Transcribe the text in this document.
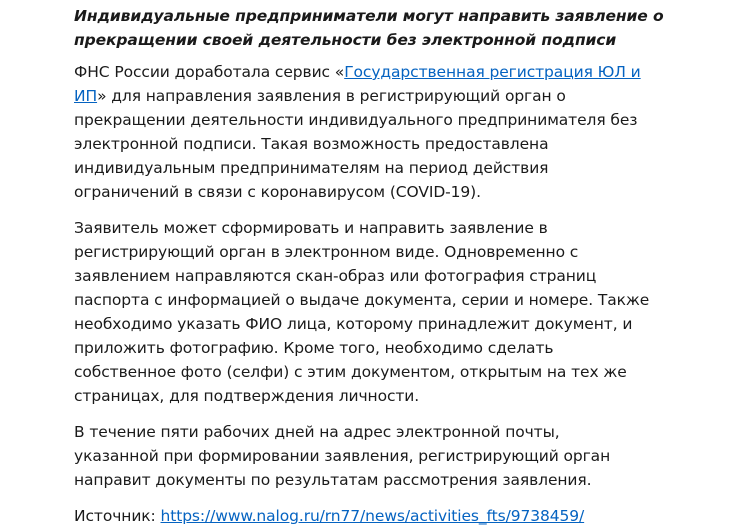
Индивидуальные предприниматели могут направить заявление о прекращении своей деятельности без электронной подписи
ФНС России доработала сервис «Государственная регистрация ЮЛ и ИП» для направления заявления в регистрирующий орган о прекращении деятельности индивидуального предпринимателя без электронной подписи. Такая возможность предоставлена индивидуальным предпринимателям на период действия ограничений в связи с коронавирусом (COVID-19).
Заявитель может сформировать и направить заявление в регистрирующий орган в электронном виде. Одновременно с заявлением направляются скан-образ или фотография страниц паспорта с информацией о выдаче документа, серии и номере. Также необходимо указать ФИО лица, которому принадлежит документ, и приложить фотографию. Кроме того, необходимо сделать собственное фото (селфи) с этим документом, открытым на тех же страницах, для подтверждения личности.
В течение пяти рабочих дней на адрес электронной почты, указанной при формировании заявления, регистрирующий орган направит документы по результатам рассмотрения заявления.
Источник: https://www.nalog.ru/rn77/news/activities_fts/9738459/
